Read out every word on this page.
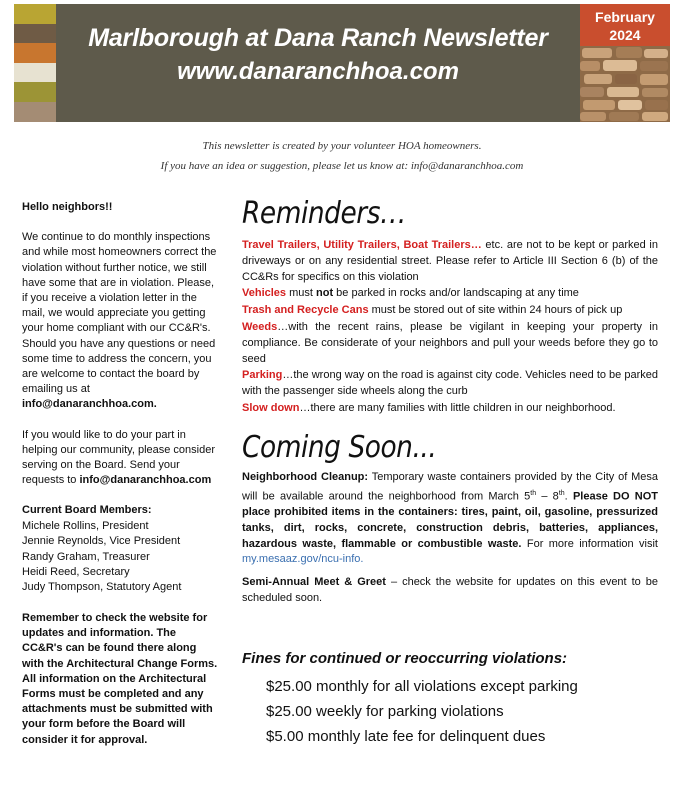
Marlborough at Dana Ranch Newsletter
www.danaranchhoa.com
February
2024
This newsletter is created by your volunteer HOA homeowners.
If you have an idea or suggestion, please let us know at: info@danaranchhoa.com

Hello neighbors!!

We continue to do monthly inspections and while most homeowners correct the violation without further notice, we still have some that are in violation. Please, if you receive a violation letter in the mail, we would appreciate you getting your home compliant with our CC&R's. Should you have any questions or need some time to address the concern, you are welcome to contact the board by emailing us at info@danaranchhoa.com.

If you would like to do your part in helping our community, please consider serving on the Board. Send your requests to info@danaranchhoa.com

Current Board Members:
Michele Rollins, President
Jennie Reynolds, Vice President
Randy Graham, Treasurer
Heidi Reed, Secretary
Judy Thompson, Statutory Agent

Remember to check the website for updates and information. The CC&R's can be found there along with the Architectural Change Forms. All information on the Architectural Forms must be completed and any attachments must be submitted with your form before the Board will consider it for approval.

Reminders…
Travel Trailers, Utility Trailers, Boat Trailers… etc. are not to be kept or parked in driveways or on any residential street. Please refer to Article III Section 6 (b) of the CC&Rs for specifics on this violation
Vehicles must not be parked in rocks and/or landscaping at any time
Trash and Recycle Cans must be stored out of site within 24 hours of pick up
Weeds…with the recent rains, please be vigilant in keeping your property in compliance. Be considerate of your neighbors and pull your weeds before they go to seed
Parking…the wrong way on the road is against city code. Vehicles need to be parked with the passenger side wheels along the curb
Slow down…there are many families with little children in our neighborhood.
Coming Soon...
Neighborhood Cleanup: Temporary waste containers provided by the City of Mesa will be available around the neighborhood from March 5th – 8th. Please DO NOT place prohibited items in the containers: tires, paint, oil, gasoline, pressurized tanks, dirt, rocks, concrete, construction debris, batteries, appliances, hazardous waste, flammable or combustible waste. For more information visit my.mesaaz.gov/ncu-info.
Semi-Annual Meet & Greet – check the website for updates on this event to be scheduled soon.
Fines for continued or reoccurring violations:
$25.00 monthly for all violations except parking
$25.00 weekly for parking violations
$5.00 monthly late fee for delinquent dues
